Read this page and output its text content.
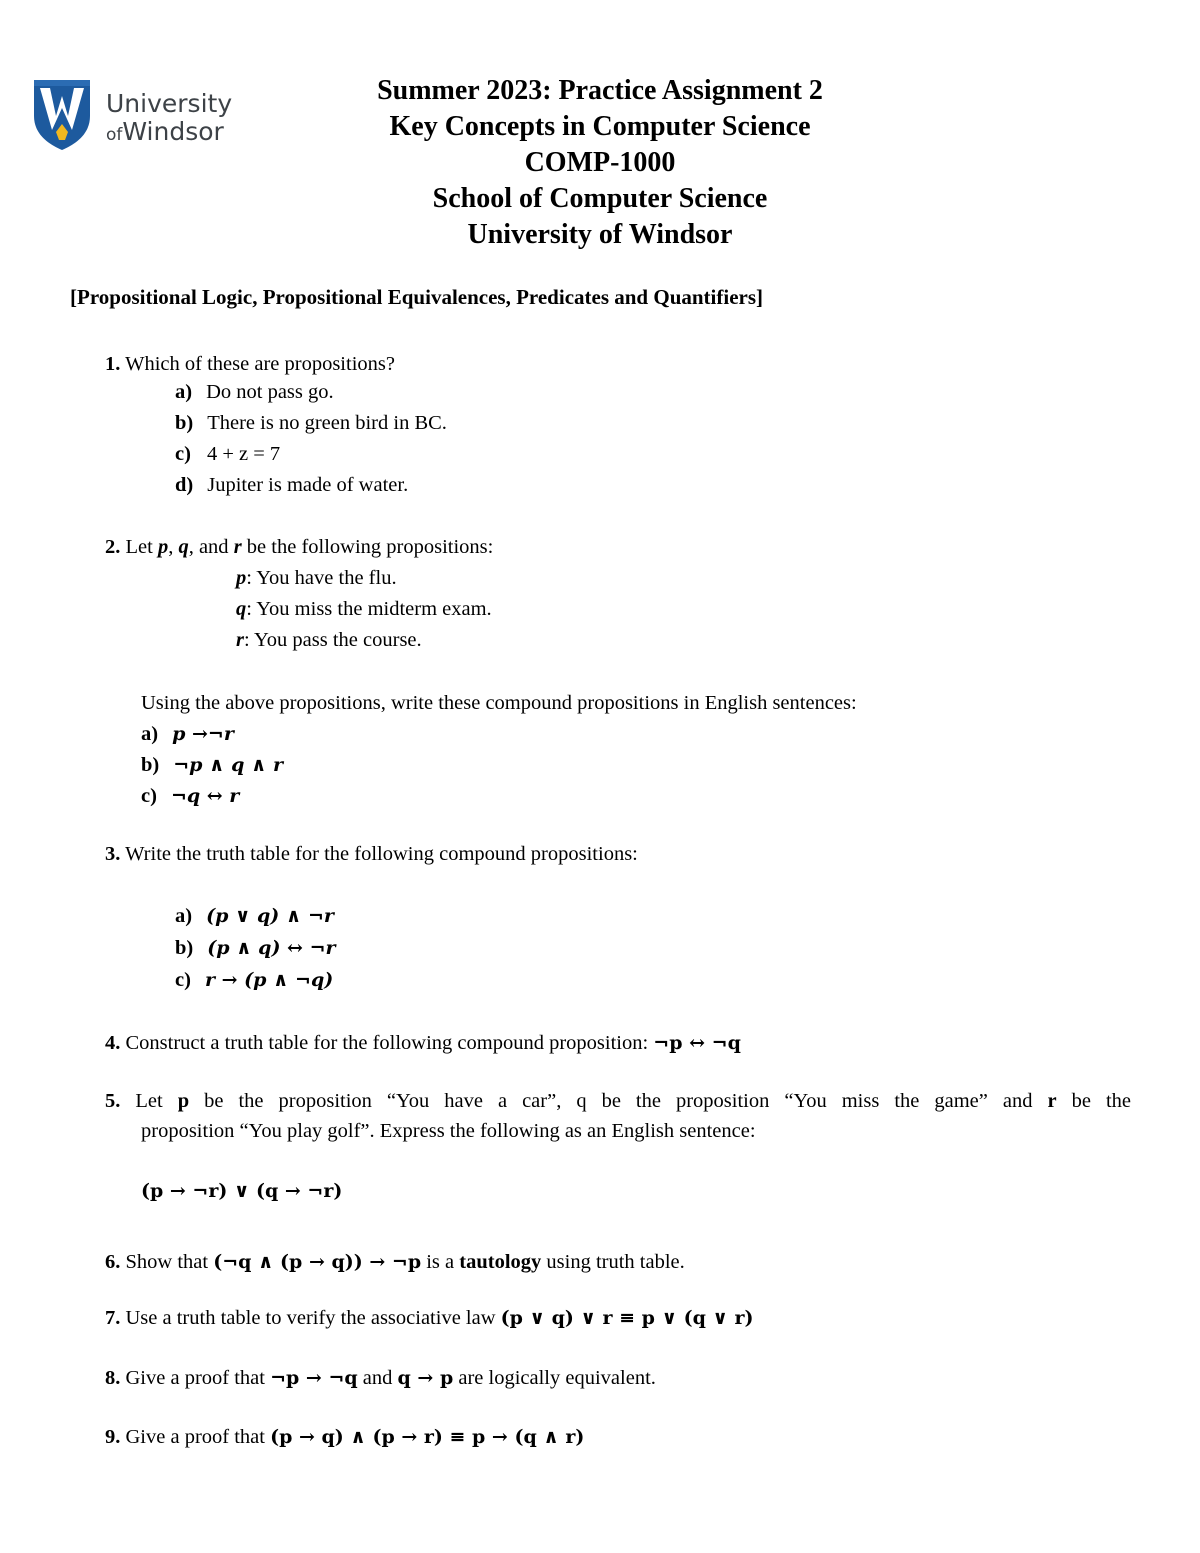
University
ofWindsor
Summer 2023: Practice Assignment 2
Key Concepts in Computer Science
COMP-1000
School of Computer Science
University of Windsor
[Propositional Logic, Propositional Equivalences, Predicates and Quantifiers]
1. Which of these are propositions?
a) Do not pass go.
b) There is no green bird in BC.
c) 4 + z = 7
d) Jupiter is made of water.
2. Let p, q, and r be the following propositions:
p: You have the flu.
q: You miss the midterm exam.
r: You pass the course.
Using the above propositions, write these compound propositions in English sentences:
a) p →¬r
b) ¬p ∧ q ∧ r
c) ¬q ↔ r
3. Write the truth table for the following compound propositions:
a) (p ∨ q) ∧ ¬r
b) (p ∧ q) ↔ ¬r
c) r → (p ∧ ¬q)
4. Construct a truth table for the following compound proposition: ¬p ↔ ¬q
5. Let p be the proposition “You have a car”, q be the proposition “You miss the game” and r be the
proposition “You play golf”. Express the following as an English sentence:
(p → ¬r) ∨ (q → ¬r)
6. Show that (¬q ∧ (p → q)) → ¬p is a tautology using truth table.
7. Use a truth table to verify the associative law (p ∨ q) ∨ r ≡ p ∨ (q ∨ r)
8. Give a proof that ¬p → ¬q and q → p are logically equivalent.
9. Give a proof that (p → q) ∧ (p → r) ≡ p → (q ∧ r)
